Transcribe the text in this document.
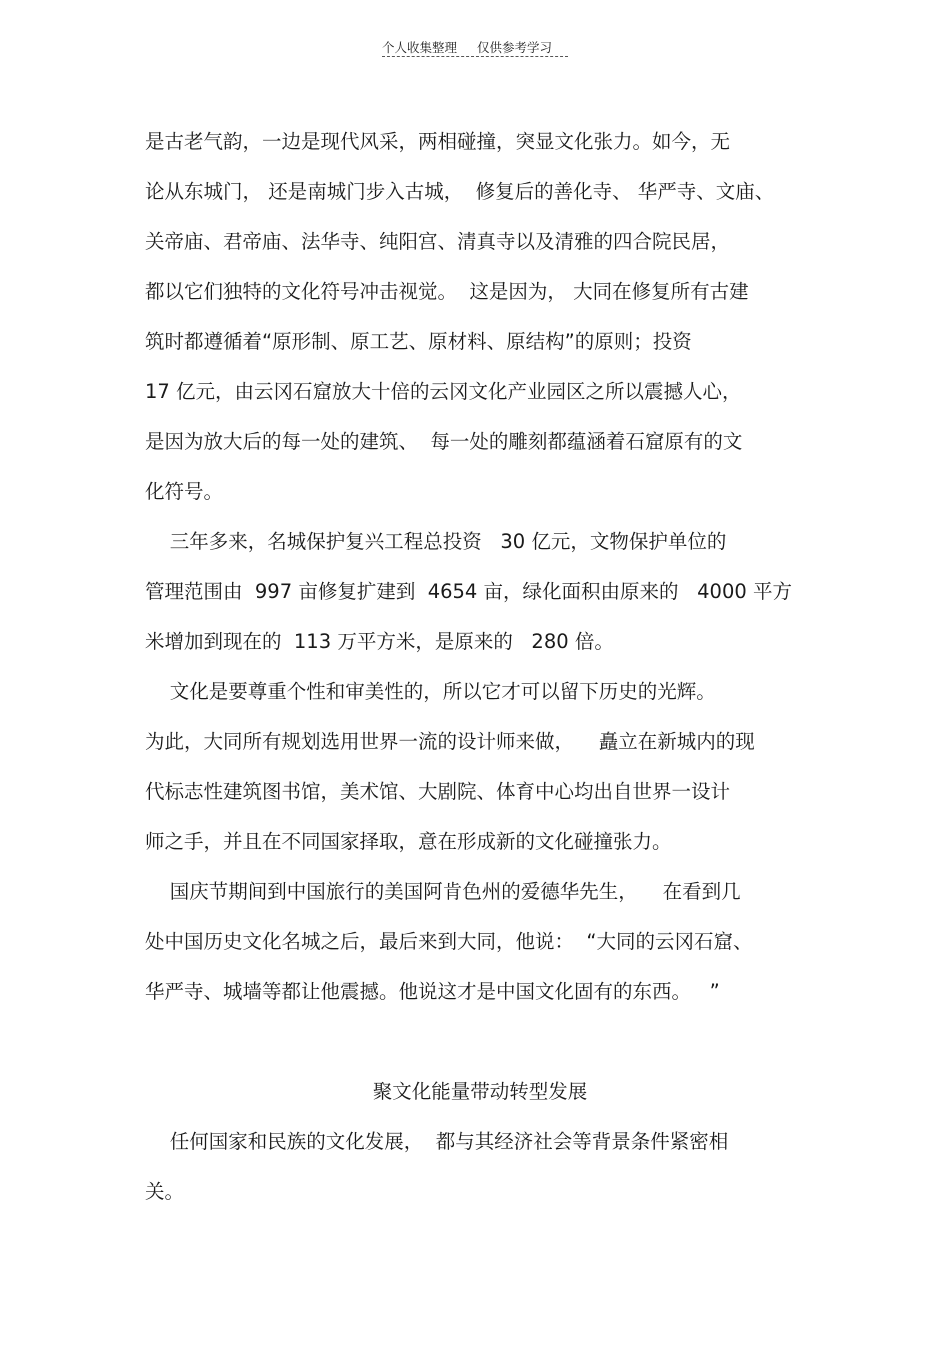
个人收集整理 仅供参考学习
是古老气韵，一边是现代风采，两相碰撞，突显文化张力。如今，无
论从东城门， 还是南城门步入古城，  修复后的善化寺、 华严寺、文庙、
关帝庙、君帝庙、法华寺、纯阳宫、清真寺以及清雅的四合院民居，
都以它们独特的文化符号冲击视觉。  这是因为， 大同在修复所有古建
筑时都遵循着“原形制、原工艺、原材料、原结构”的原则；投资
17 亿元，由云冈石窟放大十倍的云冈文化产业园区之所以震撼人心，
是因为放大后的每一处的建筑、  每一处的雕刻都蕴涵着石窟原有的文
化符号。
三年多来，名城保护复兴工程总投资   30 亿元，文物保护单位的
管理范围由  997 亩修复扩建到  4654 亩，绿化面积由原来的   4000 平方
米增加到现在的  113 万平方米，是原来的   280 倍。
文化是要尊重个性和审美性的，所以它才可以留下历史的光辉。
为此，大同所有规划选用世界一流的设计师来做，    矗立在新城内的现
代标志性建筑图书馆，美术馆、大剧院、体育中心均出自世界一设计
师之手，并且在不同国家择取，意在形成新的文化碰撞张力。
国庆节期间到中国旅行的美国阿肯色州的爱德华先生，    在看到几
处中国历史文化名城之后，最后来到大同，他说：  “大同的云冈石窟、
华严寺、城墙等都让他震撼。他说这才是中国文化固有的东西。   ”
聚文化能量带动转型发展
任何国家和民族的文化发展，  都与其经济社会等背景条件紧密相
关。
